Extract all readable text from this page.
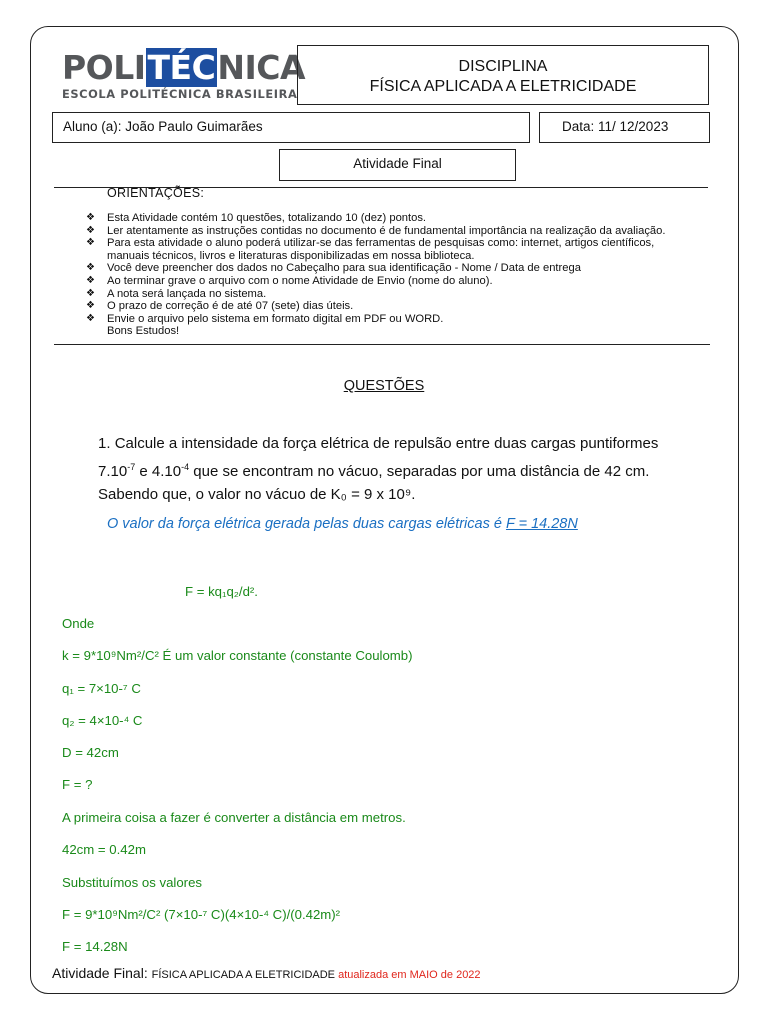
POLITÉCNICA
ESCOLA POLITÉCNICA BRASILEIRA
DISCIPLINA
FÍSICA APLICADA A ELETRICIDADE
Aluno (a): João Paulo Guimarães	Data: 11/ 12/2023
Atividade Final
ORIENTAÇÕES:
❖ Esta Atividade contém 10 questões, totalizando 10 (dez) pontos.
❖ Ler atentamente as instruções contidas no documento é de fundamental importância na realização da avaliação.
❖ Para esta atividade o aluno poderá utilizar-se das ferramentas de pesquisas como: internet, artigos científicos,
manuais técnicos, livros e literaturas disponibilizadas em nossa biblioteca.
❖ Você deve preencher dos dados no Cabeçalho para sua identificação - Nome / Data de entrega
❖ Ao terminar grave o arquivo com o nome Atividade de Envio (nome do aluno).
❖ A nota será lançada no sistema.
❖ O prazo de correção é de até 07 (sete) dias úteis.
❖ Envie o arquivo pelo sistema em formato digital em PDF ou WORD.
Bons Estudos!
QUESTÕES
1. Calcule a intensidade da força elétrica de repulsão entre duas cargas puntiformes
$7.10^{-7}$ e $4.10^{-4}$ que se encontram no vácuo, separadas por uma distância de 42 cm.
Sabendo que, o valor no vácuo de K₀ = 9 x 10⁹.
O valor da força elétrica gerada pelas duas cargas elétricas é F = 14.28N
F = kq₁q₂/d².
Onde
k = 9*10⁹Nm²/C² É um valor constante (constante Coulomb)
q₁ = 7×10-⁷ C
q₂ = 4×10-⁴ C
D = 42cm
F = ?
A primeira coisa a fazer é converter a distância em metros.
42cm = 0.42m
Substituímos os valores
F = 9*10⁹Nm²/C² (7×10-⁷ C)(4×10-⁴ C)/(0.42m)²
F = 14.28N
Atividade Final: FÍSICA APLICADA A ELETRICIDADE atualizada em MAIO de 2022
